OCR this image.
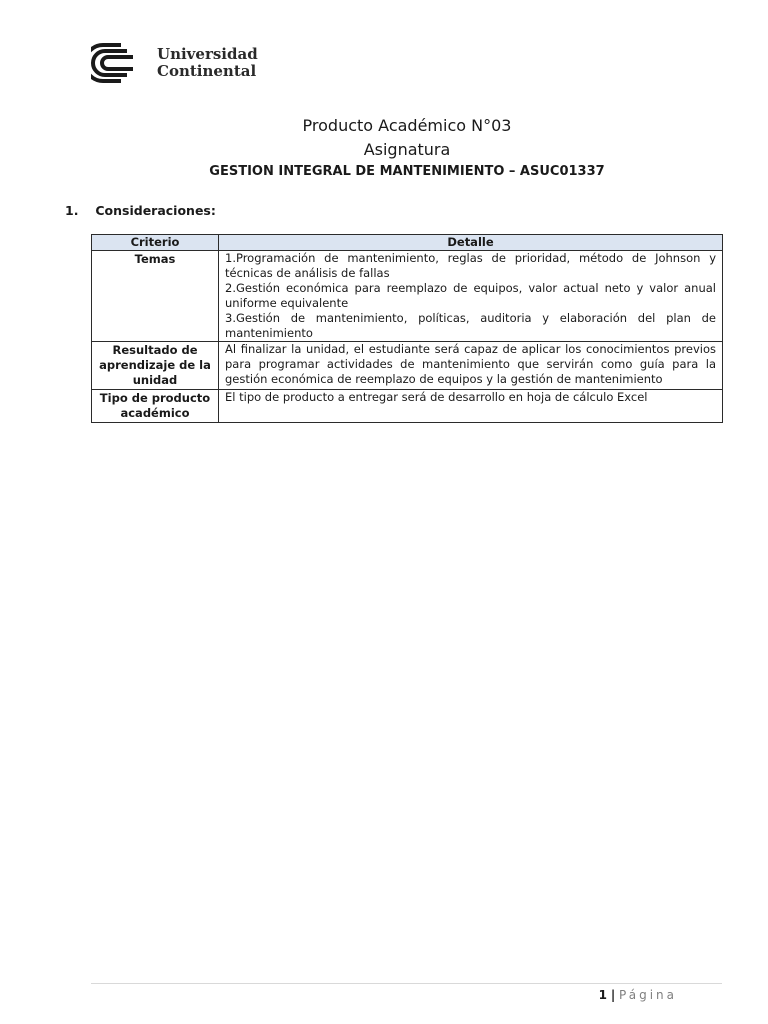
Universidad
Continental
Producto Académico N°03
Asignatura
GESTION INTEGRAL DE MANTENIMIENTO – ASUC01337
1. Consideraciones:
Criterio	Detalle
Temas	1.Programación de mantenimiento, reglas de prioridad, método de Johnson y técnicas de análisis de fallas
2.Gestión económica para reemplazo de equipos, valor actual neto y valor anual uniforme equivalente
3.Gestión de mantenimiento, políticas, auditoria y elaboración del plan de mantenimiento

Resultado de aprendizaje de la unidad	Al finalizar la unidad, el estudiante será capaz de aplicar los conocimientos previos para programar actividades de mantenimiento que servirán como guía para la gestión económica de reemplazo de equipos y la gestión de mantenimiento

Tipo de producto académico	El tipo de producto a entregar será de desarrollo en hoja de cálculo Excel
1 | Página
